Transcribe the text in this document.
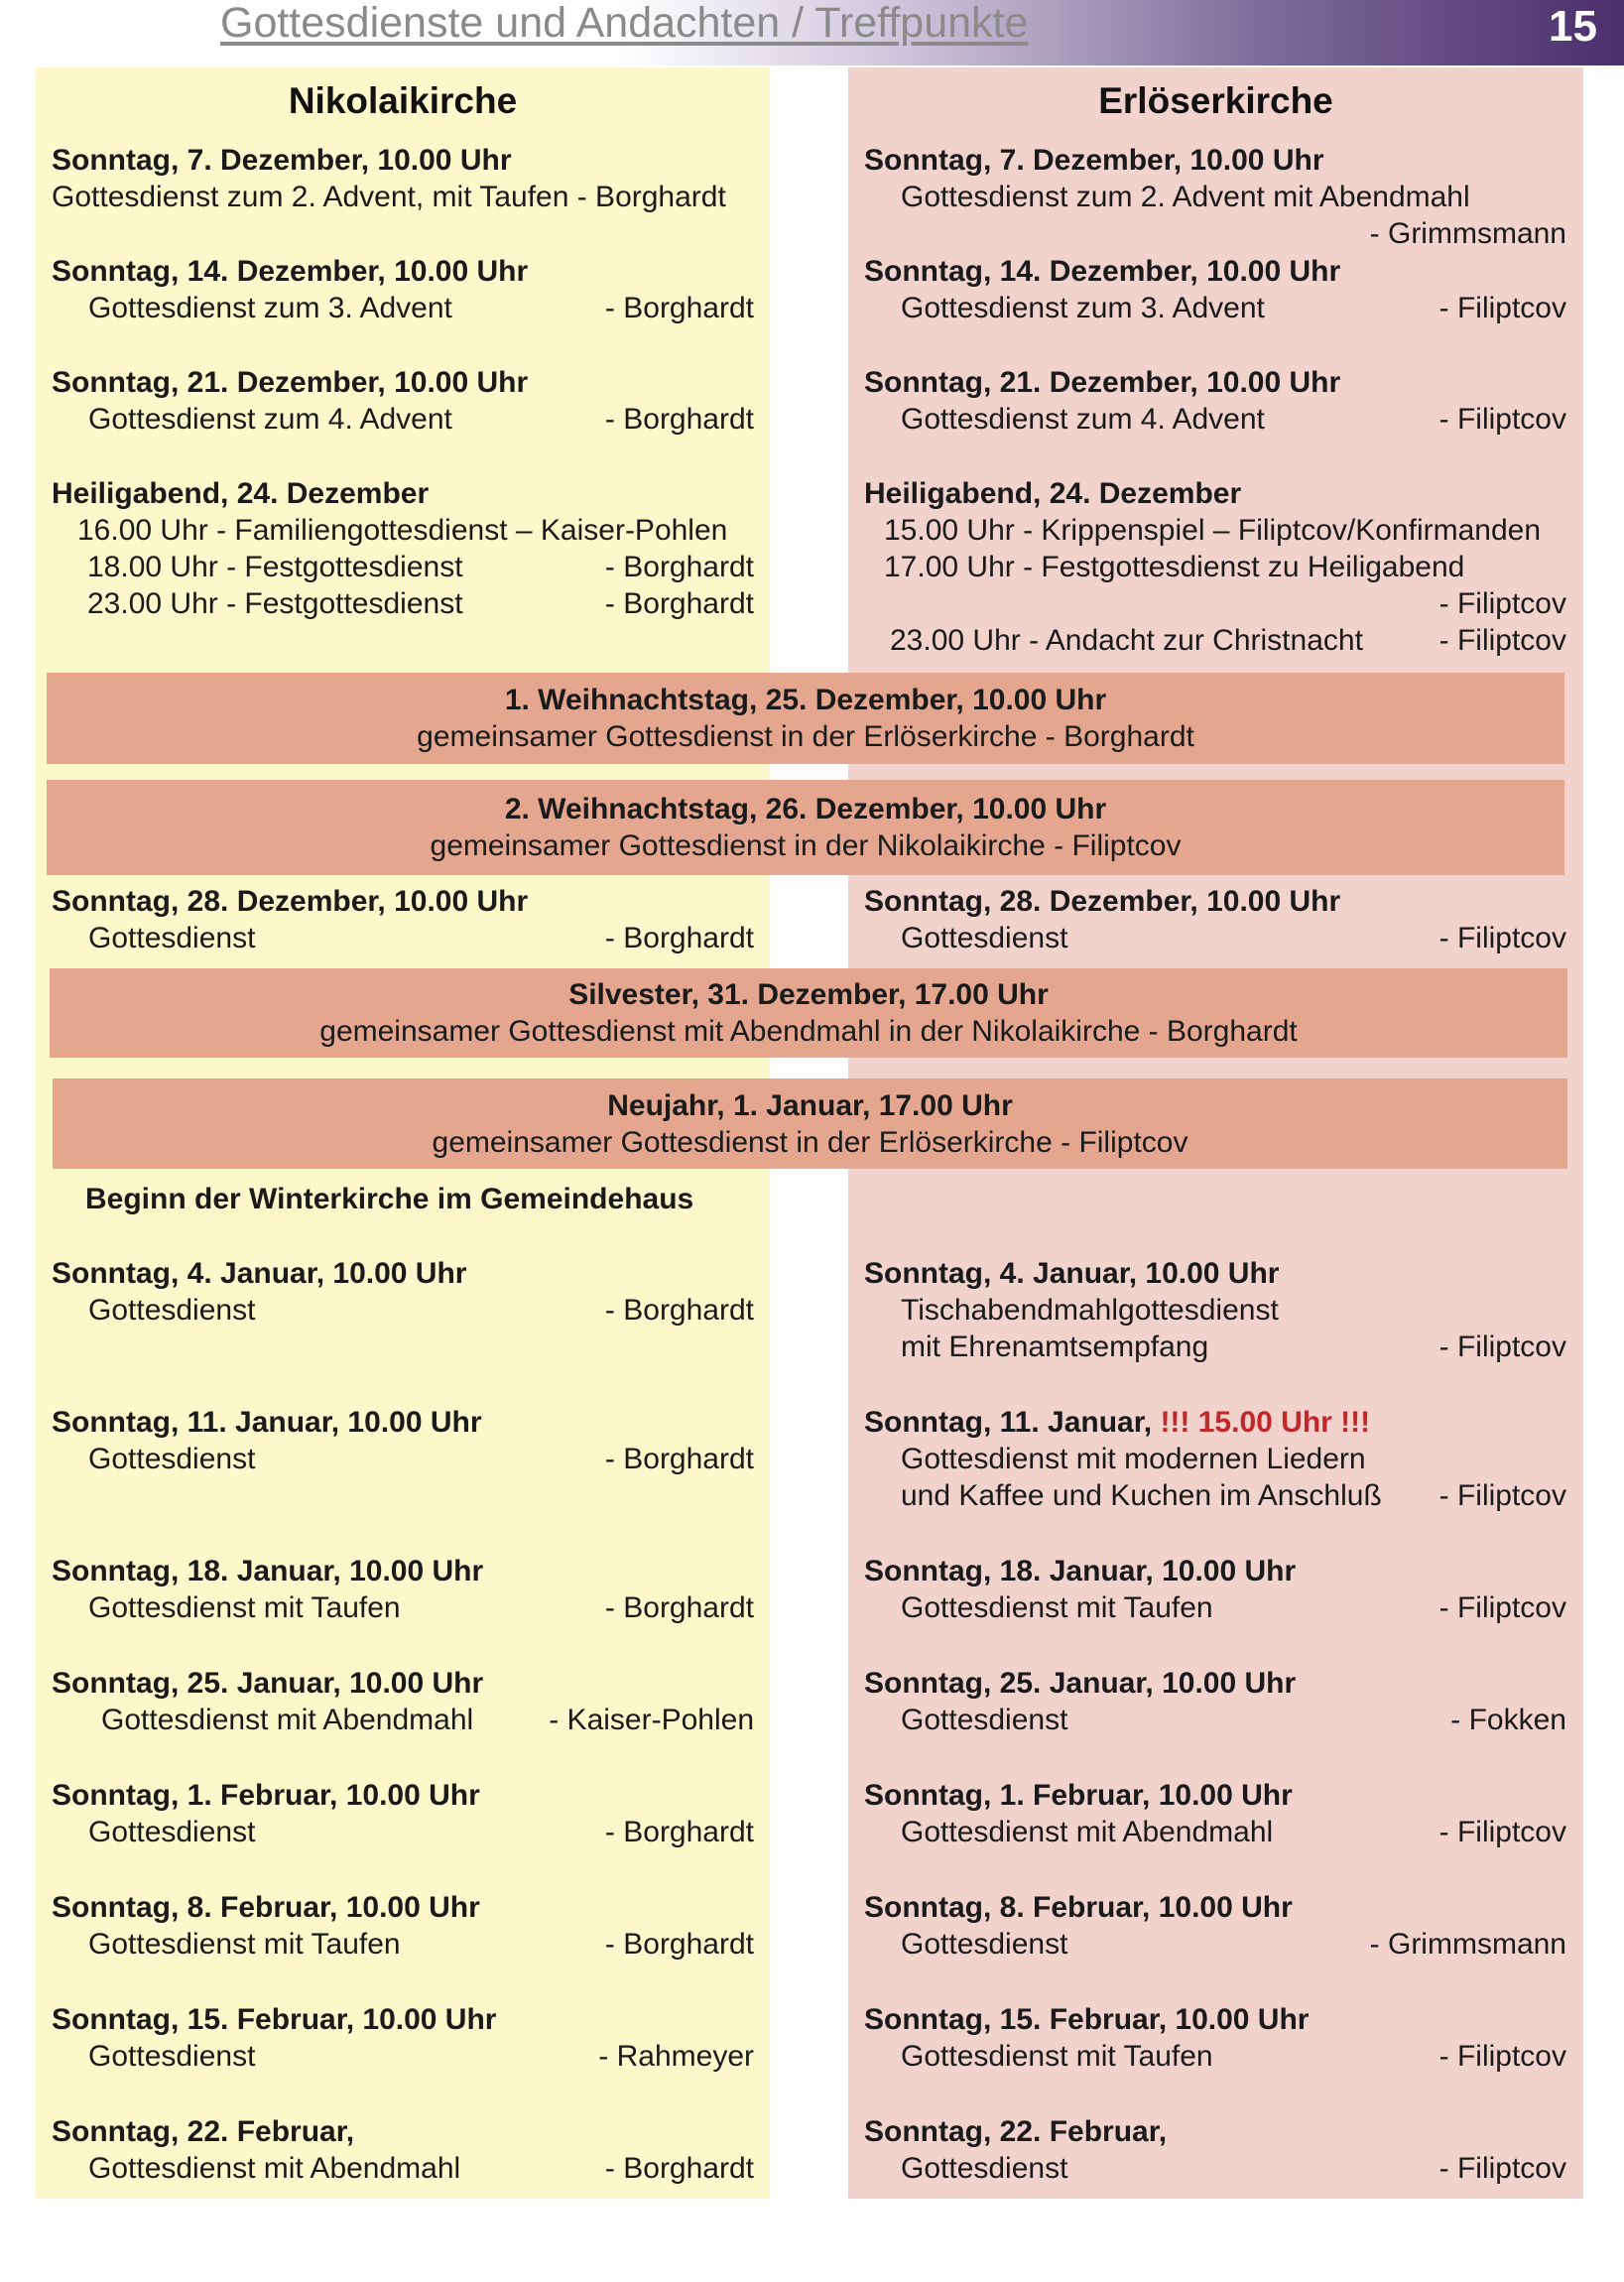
Gottesdienste und Andachten / Treffpunkte	15
Nikolaikirche	Erlöserkirche
Beginn der Winterkirche im Gemeindehaus
Sonntag, 7. Dezember, 10.00 Uhr
Gottesdienst zum 2. Advent, mit Taufen - Borghardt
Sonntag, 14. Dezember, 10.00 Uhr
Gottesdienst zum 3. Advent	- Borghardt
Sonntag, 21. Dezember, 10.00 Uhr
Gottesdienst zum 4. Advent	- Borghardt
Heiligabend, 24. Dezember
16.00 Uhr - Familiengottesdienst – Kaiser-Pohlen
18.00 Uhr - Festgottesdienst	- Borghardt
23.00 Uhr - Festgottesdienst	- Borghardt
Sonntag, 28. Dezember, 10.00 Uhr
Gottesdienst	- Borghardt
Sonntag, 4. Januar, 10.00 Uhr
Gottesdienst	- Borghardt
Sonntag, 11. Januar, 10.00 Uhr
Gottesdienst	- Borghardt
Sonntag, 18. Januar, 10.00 Uhr
Gottesdienst mit Taufen	- Borghardt
Sonntag, 25. Januar, 10.00 Uhr
Gottesdienst mit Abendmahl	- Kaiser-Pohlen
Sonntag, 1. Februar, 10.00 Uhr
Gottesdienst	- Borghardt
Sonntag, 8. Februar, 10.00 Uhr
Gottesdienst mit Taufen	- Borghardt
Sonntag, 15. Februar, 10.00 Uhr
Gottesdienst	- Rahmeyer
Sonntag, 22. Februar,
Gottesdienst mit Abendmahl	- Borghardt
Sonntag, 7. Dezember, 10.00 Uhr
Gottesdienst zum 2. Advent mit Abendmahl
- Grimmsmann
Sonntag, 14. Dezember, 10.00 Uhr
Gottesdienst zum 3. Advent	- Filiptcov
Sonntag, 21. Dezember, 10.00 Uhr
Gottesdienst zum 4. Advent	- Filiptcov
Heiligabend, 24. Dezember
15.00 Uhr - Krippenspiel – Filiptcov/Konfirmanden
17.00 Uhr - Festgottesdienst zu Heiligabend
- Filiptcov
23.00 Uhr - Andacht zur Christnacht	- Filiptcov
Sonntag, 28. Dezember, 10.00 Uhr
Gottesdienst	- Filiptcov
Sonntag, 4. Januar, 10.00 Uhr
Tischabendmahlgottesdienst
mit Ehrenamtsempfang	- Filiptcov
Sonntag, 11. Januar, !!! 15.00 Uhr !!!
Gottesdienst mit modernen Liedern
und Kaffee und Kuchen im Anschluß - Filiptcov
Sonntag, 18. Januar, 10.00 Uhr
Gottesdienst mit Taufen	- Filiptcov
Sonntag, 25. Januar, 10.00 Uhr
Gottesdienst	- Fokken
Sonntag, 1. Februar, 10.00 Uhr
Gottesdienst mit Abendmahl	- Filiptcov
Sonntag, 8. Februar, 10.00 Uhr
Gottesdienst	- Grimmsmann
Sonntag, 15. Februar, 10.00 Uhr
Gottesdienst mit Taufen	- Filiptcov
Sonntag, 22. Februar,
Gottesdienst	- Filiptcov
1. Weihnachtstag, 25. Dezember, 10.00 Uhr
gemeinsamer Gottesdienst in der Erlöserkirche - Borghardt
2. Weihnachtstag, 26. Dezember, 10.00 Uhr
gemeinsamer Gottesdienst in der Nikolaikirche - Filiptcov
Silvester, 31. Dezember, 17.00 Uhr
gemeinsamer Gottesdienst mit Abendmahl in der Nikolaikirche - Borghardt
Neujahr, 1. Januar, 17.00 Uhr
gemeinsamer Gottesdienst in der Erlöserkirche - Filiptcov
